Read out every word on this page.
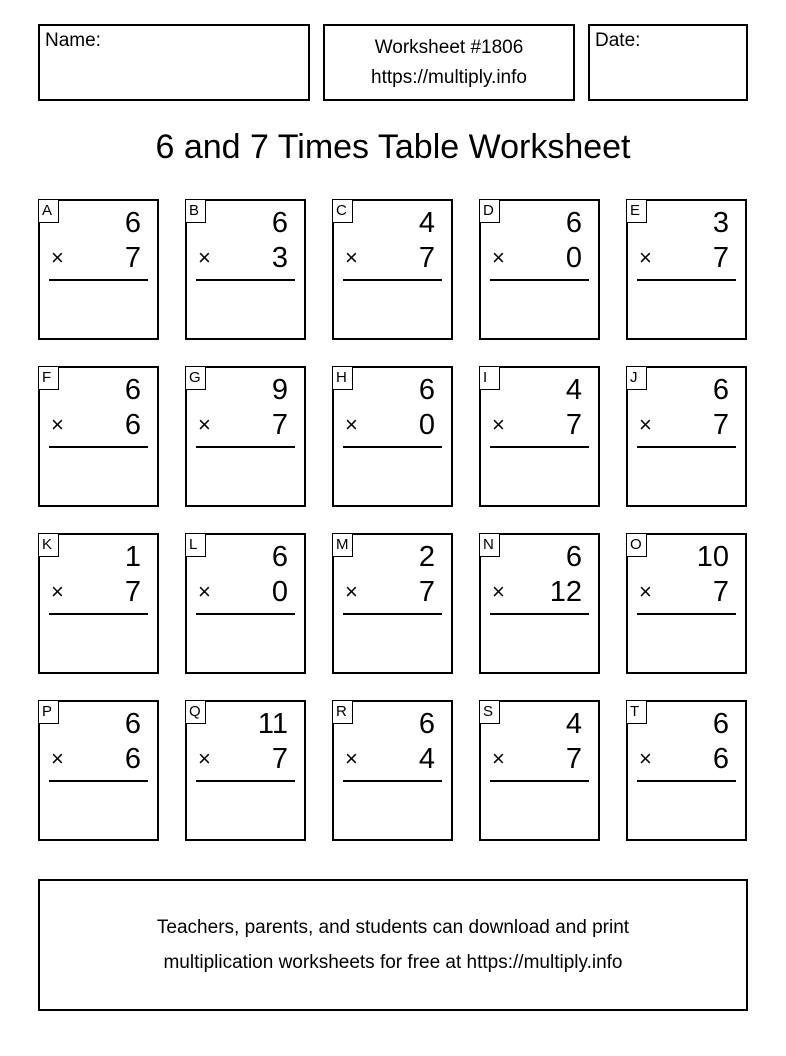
Name:	Worksheet #1806
https://multiply.info
Date:
6 and 7 Times Table Worksheet
A	6
× 7
B	6
× 3
C 4
× 7
D 6
× 0
E	3
× 7
F	6
× 6
G 9
× 7
H 6
× 0
I	4
× 7
J	6
× 7
K	1
× 7
L	6
× 0
M 2
× 7
N 6
× 12
O 10
× 7
P	6
× 6
Q 11
× 7
R 6
× 4
S	4
× 7
T	6
× 6
Teachers, parents, and students can download and print
multiplication worksheets for free at https://multiply.info
